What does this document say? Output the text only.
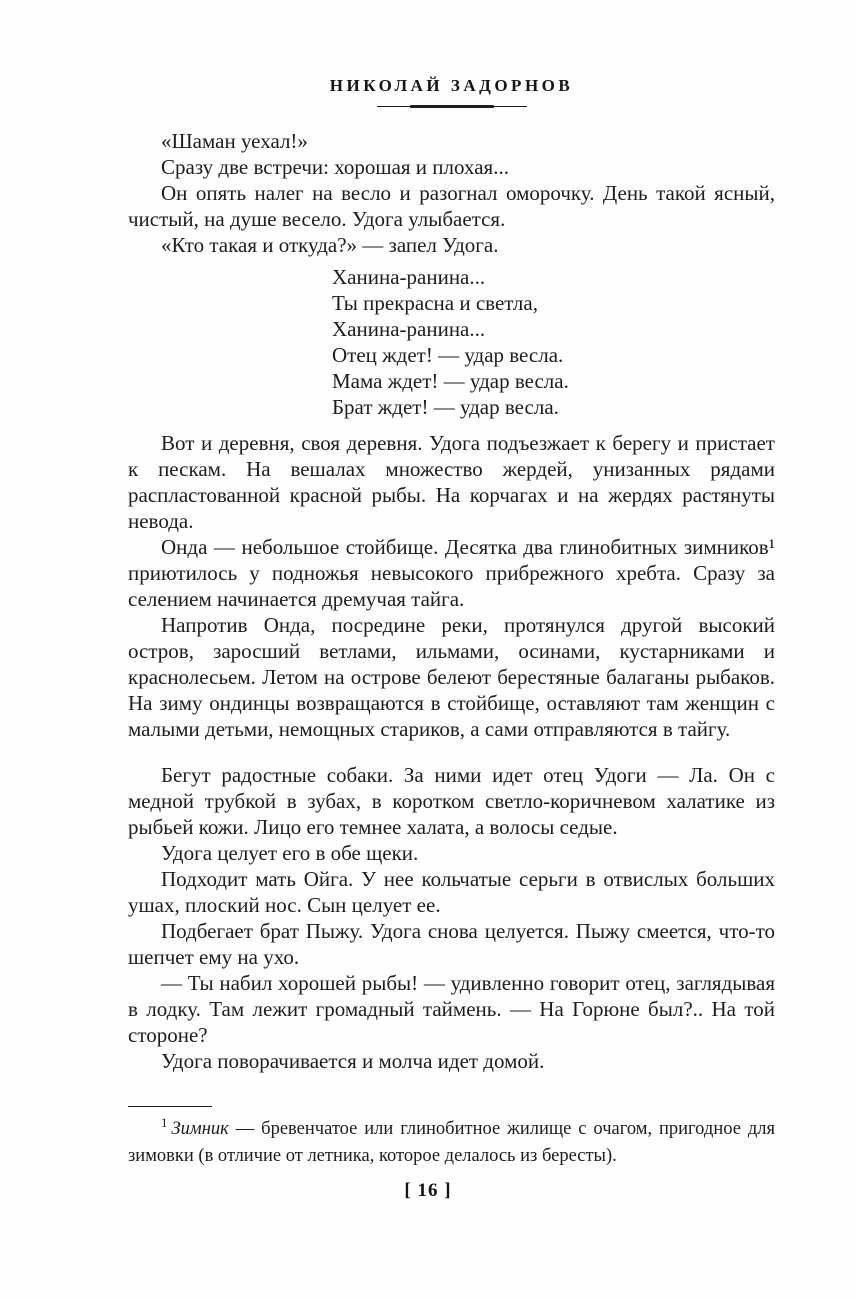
НИКОЛАЙ ЗАДОРНОВ

«Шаман уехал!»

Сразу две встречи: хорошая и плохая...

Он опять налег на весло и разогнал оморочку. День такой ясный, чистый, на душе весело. Удога улыбается.

«Кто такая и откуда?» — запел Удога.

Ханина-ранина...
Ты прекрасна и светла,
Ханина-ранина...
Отец ждет! — удар весла.
Мама ждет! — удар весла.
Брат ждет! — удар весла.

Вот и деревня, своя деревня. Удога подъезжает к берегу и пристает к пескам. На вешалах множество жердей, унизанных рядами распластованной красной рыбы. На корчагах и на жердях растянуты невода.

Онда — небольшое стойбище. Десятка два глинобитных зимников¹ приютилось у подножья невысокого прибрежного хребта. Сразу за селением начинается дремучая тайга.

Напротив Онда, посредине реки, протянулся другой высокий остров, заросший ветлами, ильмами, осинами, кустарниками и краснолесьем. Летом на острове белеют берестяные балаганы рыбаков. На зиму ондинцы возвращаются в стойбище, оставляют там женщин с малыми детьми, немощных стариков, а сами отправляются в тайгу.

Бегут радостные собаки. За ними идет отец Удоги — Ла. Он с медной трубкой в зубах, в коротком светло-коричневом халатике из рыбьей кожи. Лицо его темнее халата, а волосы седые.

Удога целует его в обе щеки.

Подходит мать Ойга. У нее кольчатые серьги в отвислых больших ушах, плоский нос. Сын целует ее.

Подбегает брат Пыжу. Удога снова целуется. Пыжу смеется, что-то шепчет ему на ухо.

— Ты набил хорошей рыбы! — удивленно говорит отец, заглядывая в лодку. Там лежит громадный таймень. — На Горюне был?.. На той стороне?

Удога поворачивается и молча идет домой.

$^1$ Зимник — бревенчатое или глинобитное жилище с очагом, пригодное для зимовки (в отличие от летника, которое делалось из бересты).

[ 16 ]
